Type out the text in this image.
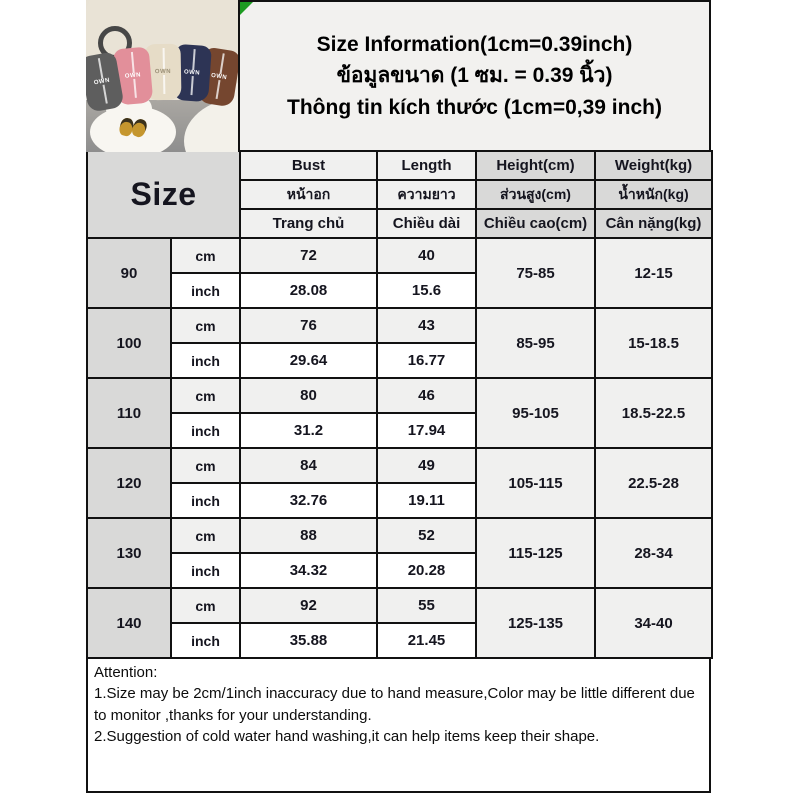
OWN
OWN
OWN OWN OWN
Size Information(1cm=0.39inch)
ข้อมูลขนาด (1 ซม. = 0.39 นิ้ว)
Thông tin kích thước (1cm=0,39 inch)
Size		Bust	Length	Height(cm)	Weight(kg)
		หน้าอก	ความยาว	ส่วนสูง(cm)	น้ำหนัก(kg)
		Trang chủ	Chiều dài	Chiều cao(cm)	Cân nặng(kg)
90	cm	72	40	75-85	12-15
	inch	28.08	15.6		
100	cm	76	43	85-95	15-18.5
	inch	29.64	16.77		
110	cm	80	46	95-105	18.5-22.5
	inch	31.2	17.94		
120	cm	84	49	105-115	22.5-28
	inch	32.76	19.11		
130	cm	88	52	115-125	28-34
	inch	34.32	20.28		
140	cm	92	55	125-135	34-40
	inch	35.88	21.45		

Attention:

1.Size may be 2cm/1inch inaccuracy due to hand measure,Color may be little different due to monitor ,thanks for your understanding.

2.Suggestion of cold water hand washing,it can help items keep their shape.
